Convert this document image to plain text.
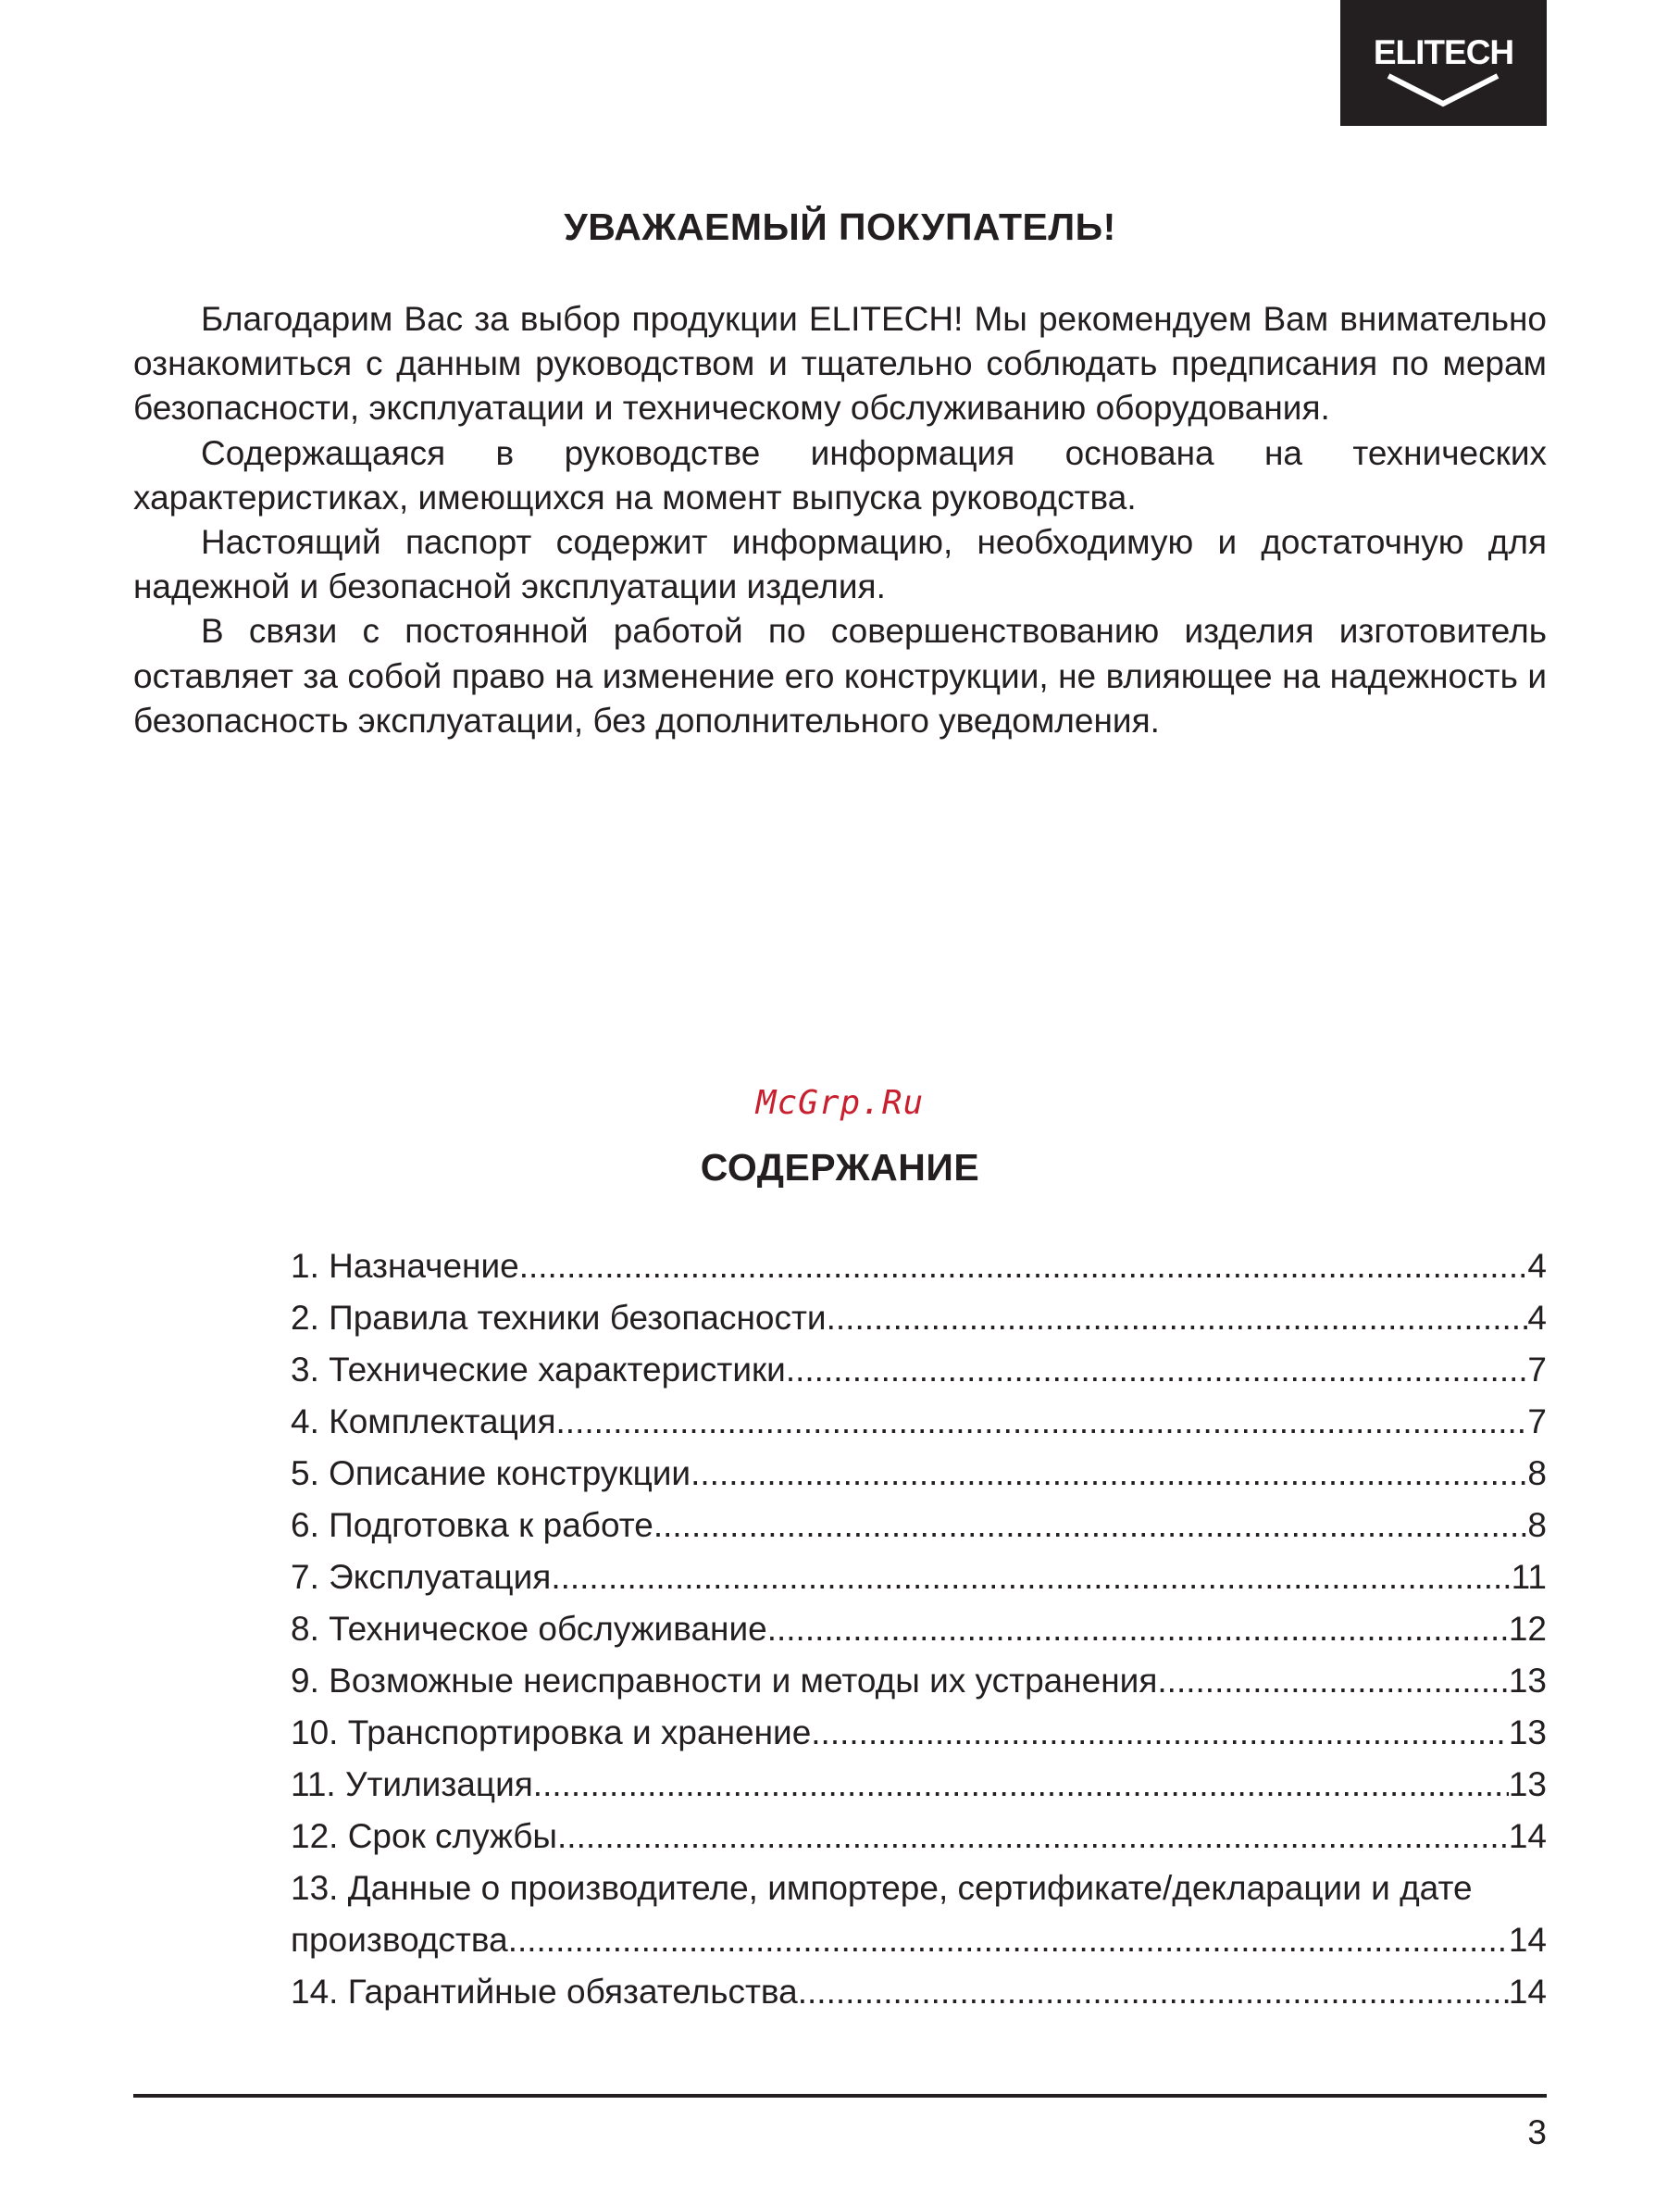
ELITECH
УВАЖАЕМЫЙ ПОКУПАТЕЛЬ!

Благодарим Вас за выбор продукции ELITECH! Мы рекомендуем Вам внимательно ознакомиться с данным руководством и тщательно соблюдать предписания по мерам безопасности, эксплуатации и техническому обслуживанию оборудования.

Содержащаяся в руководстве информация основана на технических характеристиках, имеющихся на момент выпуска руководства.

Настоящий паспорт содержит информацию, необходимую и достаточную для надежной и безопасной эксплуатации изделия.

В связи с постоянной работой по совершенствованию изделия изготовитель оставляет за собой право на изменение его конструкции, не влияющее на надежность и безопасность эксплуатации, без дополнительного уведомления.

McGrp.Ru
СОДЕРЖАНИЕ
1. Назначение .....	4
2. Правила техники безопасности .....	4
3. Технические характеристики .....	7
4. Комплектация .....	7
5. Описание конструкции .....	8
6. Подготовка к работе .....	8
7. Эксплуатация .....	11
8. Техническое обслуживание .....	12
9. Возможные неисправности и методы их устранения .....	13
10. Транспортировка и хранение .....	13
11. Утилизация .....	13
12. Срок службы .....	14
13. Данные о производителе, импортере, сертификате/декларации и дате
производства .....	14
14. Гарантийные обязательства .....	14
3
